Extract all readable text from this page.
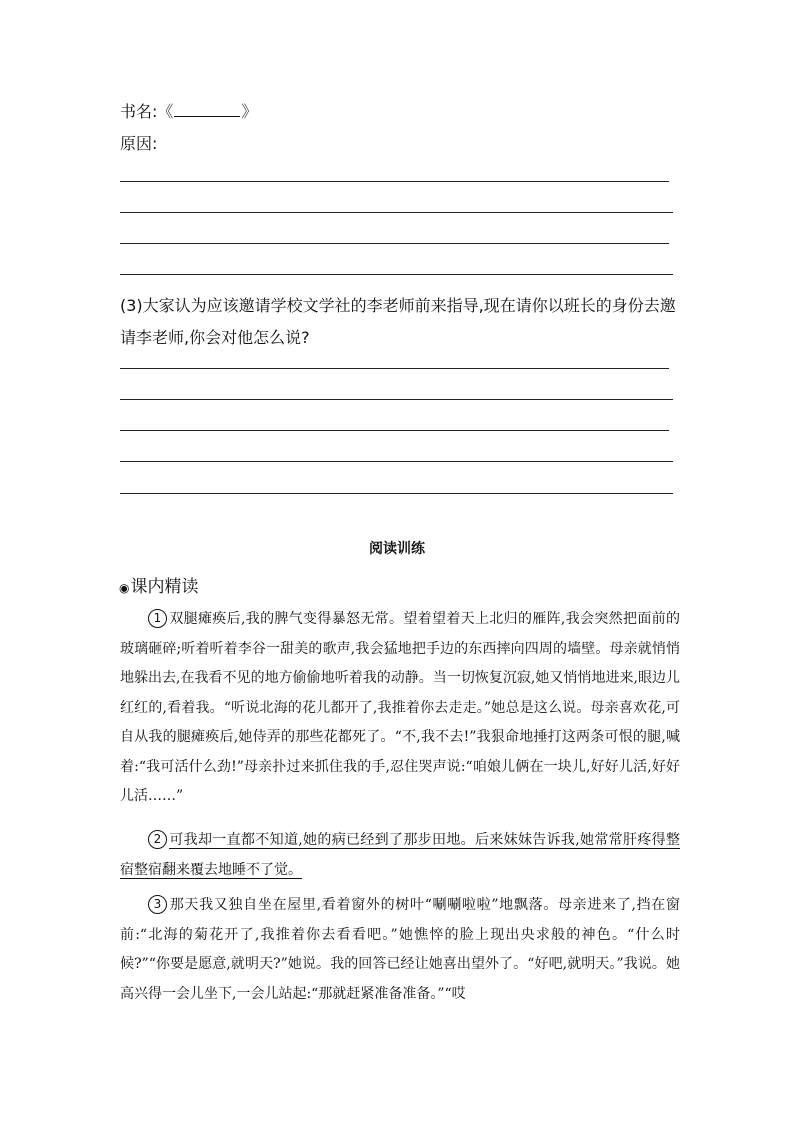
书名:《	》
原因:
(3)大家认为应该邀请学校文学社的李老师前来指导,现在请你以班长的身份去邀请李老师,你会对他怎么说?
阅读训练
◉课内精读

1 双腿瘫痪后,我的脾气变得暴怒无常。望着望着天上北归的雁阵,我会突然把面前的玻璃砸碎;听着听着李谷一甜美的歌声,我会猛地把手边的东西摔向四周的墙壁。母亲就悄悄地躲出去,在我看不见的地方偷偷地听着我的动静。当一切恢复沉寂,她又悄悄地进来,眼边儿红红的,看着我。“听说北海的花儿都开了,我推着你去走走。”她总是这么说。母亲喜欢花,可自从我的腿瘫痪后,她侍弄的那些花都死了。“不,我不去!”我狠命地捶打这两条可恨的腿,喊着:“我可活什么劲!”母亲扑过来抓住我的手,忍住哭声说:“咱娘儿俩在一块儿,好好儿活,好好儿活……”

2 可我却一直都不知道,她的病已经到了那步田地。后来妹妹告诉我,她常常肝疼得整宿整宿翻来覆去地睡不了觉。

3 那天我又独自坐在屋里,看着窗外的树叶“唰唰啦啦”地飘落。母亲进来了,挡在窗前:“北海的菊花开了,我推着你去看看吧。”她憔悴的脸上现出央求般的神色。“什么时候?”“你要是愿意,就明天?”她说。我的回答已经让她喜出望外了。“好吧,就明天。”我说。她高兴得一会儿坐下,一会儿站起:“那就赶紧准备准备。”“哎
